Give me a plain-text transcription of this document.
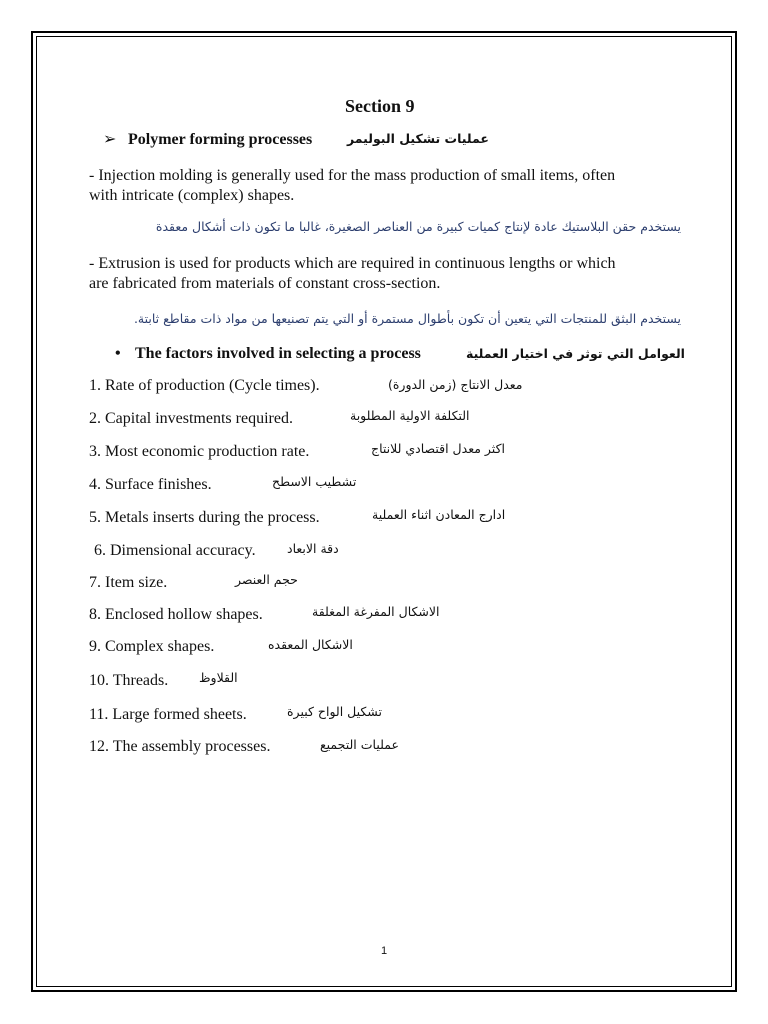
Section 9
➢ Polymer forming processes	عمليات تشكيل البوليمر
- Injection molding is generally used for the mass production of small items, often
with intricate (complex) shapes.
يستخدم حقن البلاستيك عادة لإنتاج كميات كبيرة من العناصر الصغيرة، غالبا ما تكون ذات أشكال معقدة
- Extrusion is used for products which are required in continuous lengths or which
are fabricated from materials of constant cross-section.
يستخدم البثق للمنتجات التي يتعين أن تكون بأطوال مستمرة أو التي يتم تصنيعها من مواد ذات مقاطع ثابتة.
• The factors involved in selecting a process	العوامل التي توثر في اختيار العملية
1. Rate of production (Cycle times).	معدل الانتاج (زمن الدورة)
2. Capital investments required.	التكلفة الاولية المطلوبة
3. Most economic production rate.	اكثر معدل اقتصادي للانتاج
4. Surface finishes.	تشطيب الاسطح
5. Metals inserts during the process.	ادارج المعادن اثناء العملية
6. Dimensional accuracy.	دقة الابعاد
7. Item size.	حجم العنصر
8. Enclosed hollow shapes.	الاشكال المفرغة المغلقة
9. Complex shapes.	الاشكال المعقده
10. Threads. القلاوظ
11. Large formed sheets.	تشكيل الواح كبيرة
12. The assembly processes.	عمليات التجميع
1
